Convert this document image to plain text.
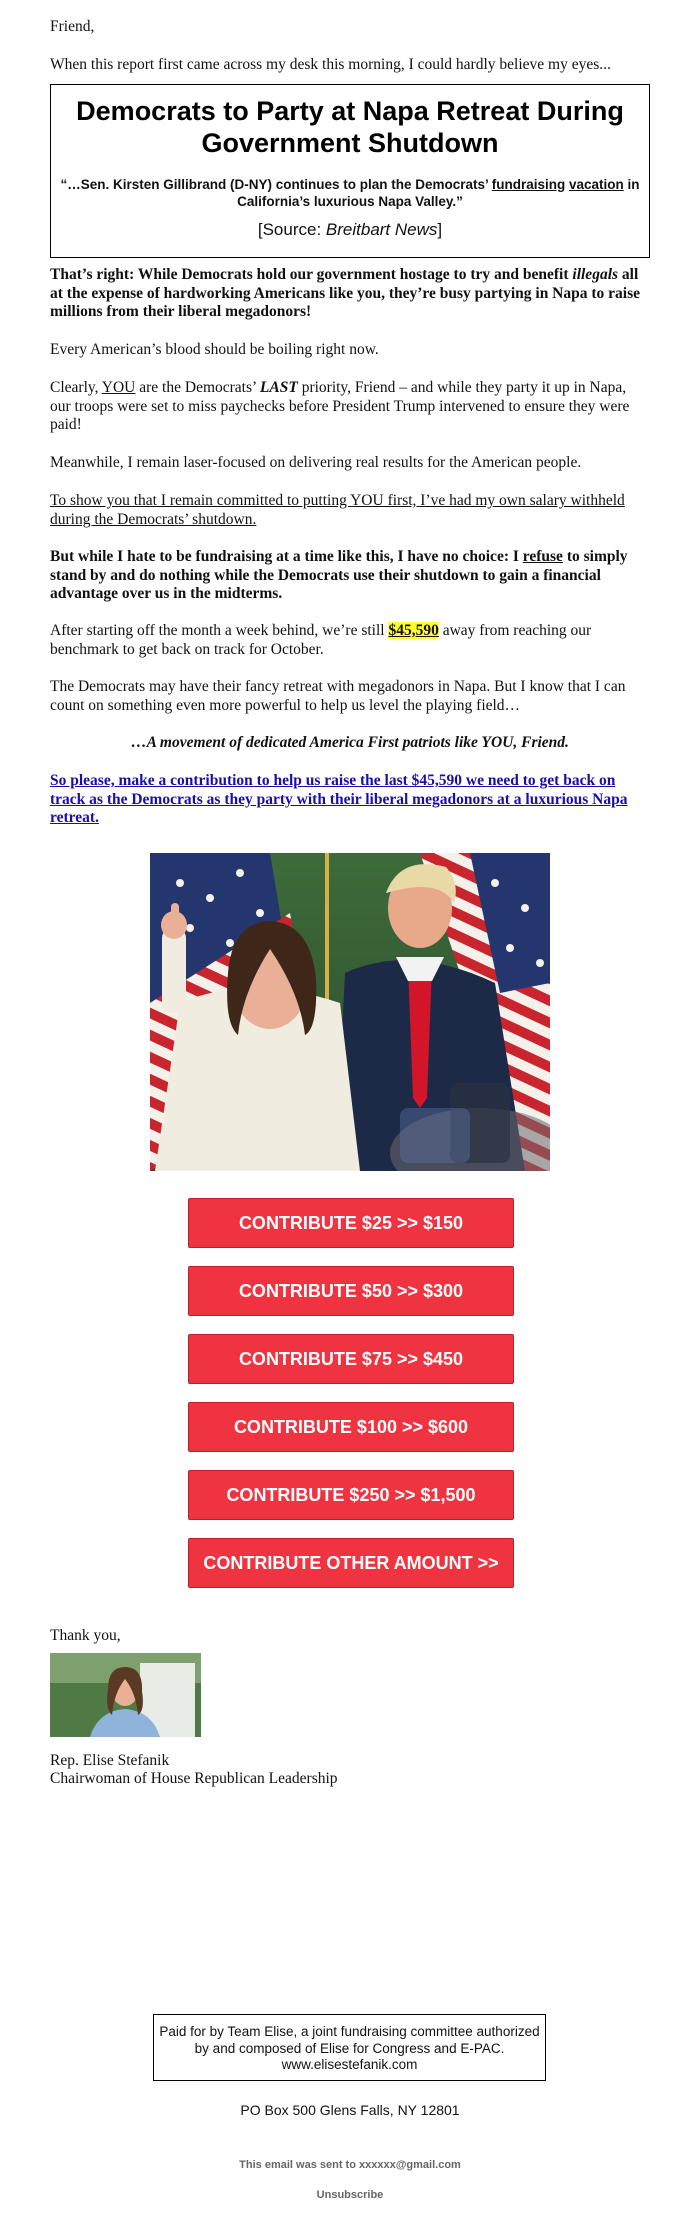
Friend,

When this report first came across my desk this morning, I could hardly believe my eyes...

Democrats to Party at Napa Retreat During Government Shutdown
“…Sen. Kirsten Gillibrand (D-NY) continues to plan the Democrats’ fundraising vacation in California’s luxurious Napa Valley.”
[Source: Breitbart News]

That’s right: While Democrats hold our government hostage to try and benefit illegals all at the expense of hardworking Americans like you, they’re busy partying in Napa to raise millions from their liberal megadonors!

Every American’s blood should be boiling right now.

Clearly, YOU are the Democrats’ LAST priority, Friend – and while they party it up in Napa, our troops were set to miss paychecks before President Trump intervened to ensure they were paid!

Meanwhile, I remain laser-focused on delivering real results for the American people.

To show you that I remain committed to putting YOU first, I’ve had my own salary withheld during the Democrats’ shutdown.

But while I hate to be fundraising at a time like this, I have no choice: I refuse to simply stand by and do nothing while the Democrats use their shutdown to gain a financial advantage over us in the midterms.

After starting off the month a week behind, we’re still $45,590 away from reaching our benchmark to get back on track for October.

The Democrats may have their fancy retreat with megadonors in Napa. But I know that I can count on something even more powerful to help us level the playing field…

…A movement of dedicated America First patriots like YOU, Friend.

So please, make a contribution to help us raise the last $45,590 we need to get back on track as the Democrats as they party with their liberal megadonors at a luxurious Napa retreat.
CONTRIBUTE $25 >> $150
CONTRIBUTE $50 >> $300
CONTRIBUTE $75 >> $450
CONTRIBUTE $100 >> $600
CONTRIBUTE $250 >> $1,500
CONTRIBUTE OTHER AMOUNT >>

Thank you,

Rep. Elise Stefanik

Chairwoman of House Republican Leadership

Paid for by Team Elise, a joint fundraising committee authorized by and composed of Elise for Congress and E-PAC. www.elisestefanik.com
PO Box 500 Glens Falls, NY 12801
This email was sent to xxxxxx@gmail.com
Unsubscribe
